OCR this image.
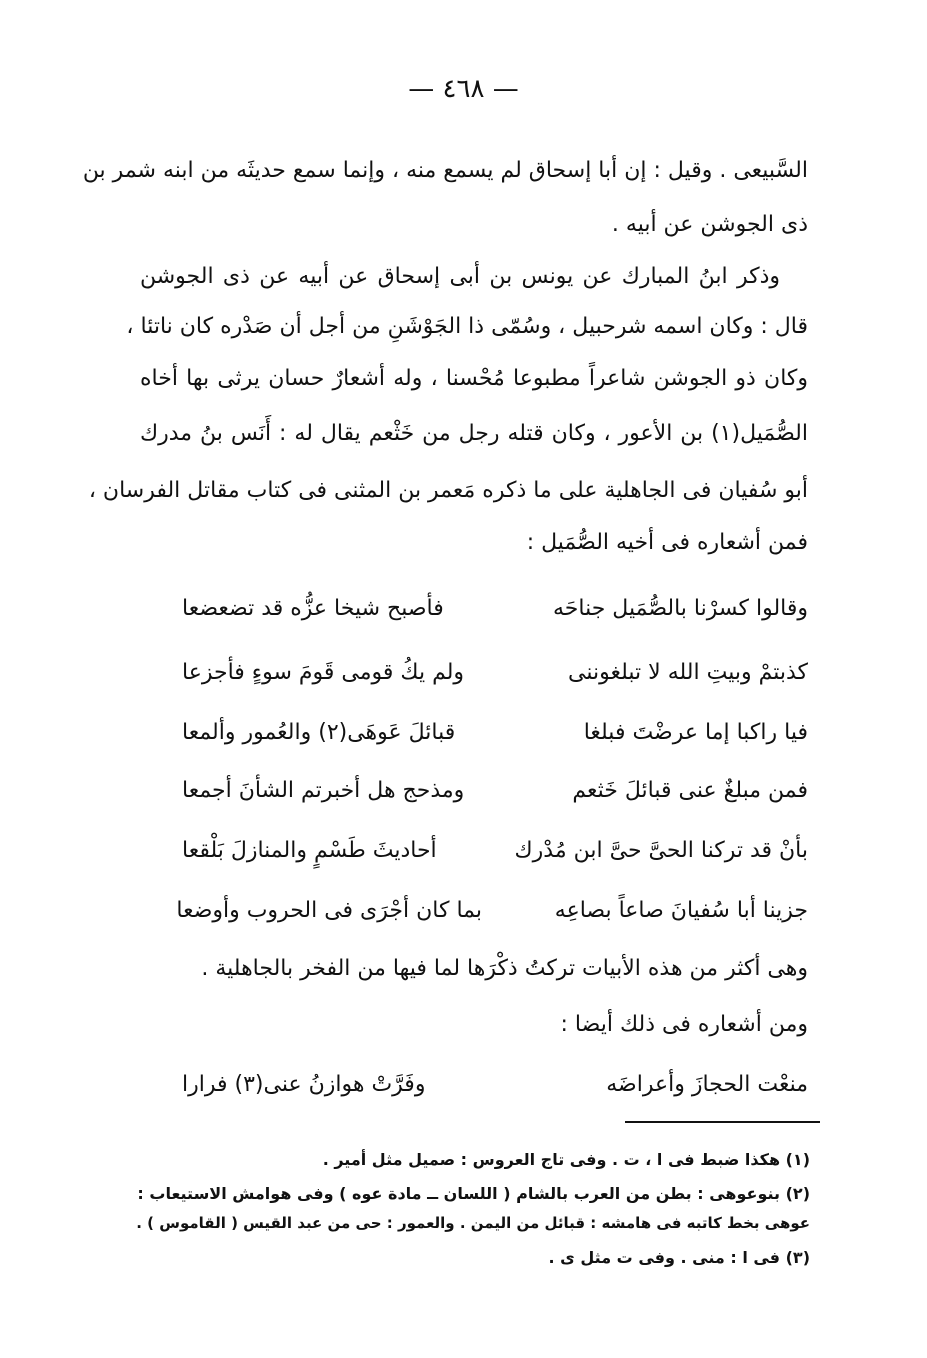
— ٤٦٨ —
السَّبيعى . وقيل : إن أبا إسحاق لم يسمع منه ، وإنما سمع حديثَه من ابنه شمر بن
ذى الجوشن عن أبيه .
وذكر ابنُ المبارك عن يونس بن أبى إسحاق عن أبيه عن ذى الجوشن
قال : وكان اسمه شرحبيل ، وسُمّى ذا الجَوْشَنِ من أجل أن صَدْره كان ناتئا ،
وكان ذو الجوشن شاعراً مطبوعا مُحْسنا ، وله أشعارٌ حسان يرثى بها أخاه
الصُّمَيل(١) بن الأعور ، وكان قتله رجل من خَثْعم يقال له : أَنَس بنُ مدرك
أبو سُفيان فى الجاهلية على ما ذكره مَعمر بن المثنى فى كتاب مقاتل الفرسان ،
فمن أشعاره فى أخيه الصُّمَيل :
وقالوا كسرْنا بالصُّمَيل جناحَه
فأصبح شيخا عزُّه قد تضعضعا
كذبتمْ وبيتِ الله لا تبلغوننى
ولم يكُ قومى قَومَ سوءٍ فأجزعا
فيا راكبا إما عرضْتَ فبلغا
قبائلَ عَوهَى(٢) والعُمور وألمعا
فمن مبلغٌ عنى قبائلَ خَثعم
ومذحج هل أخبرتم الشأنَ أجمعا
بأنْ قد تركنا الحىَّ حىَّ ابن مُدْرك
أحاديثَ طَسْمٍ والمنازلَ بَلْقعا
جزينا أبا سُفيانَ صاعاً بصاعِه
بما كان أجْرَى فى الحروب وأوضعا
وهى أكثر من هذه الأبيات تركتُ ذكْرَها لما فيها من الفخر بالجاهلية .
ومن أشعاره فى ذلك أيضا :
منعْت الحجازَ وأعراضَه
وفَرَّتْ هوازنُ عنى(٣) فرارا
(١) هكذا ضبط فى ا ، ت . وفى تاج العروس : صميل مثل أمير .
(٢) بنوعوهى : بطن من العرب بالشام ( اللسان ــ مادة عوه ) وفى هوامش الاستيعاب :
عوهى بخط كاتبه فى هامشه : قبائل من اليمن . والعمور : حى من عبد القيس ( القاموس ) .
(٣) فى ا : منى . وفى ت مثل ى .
